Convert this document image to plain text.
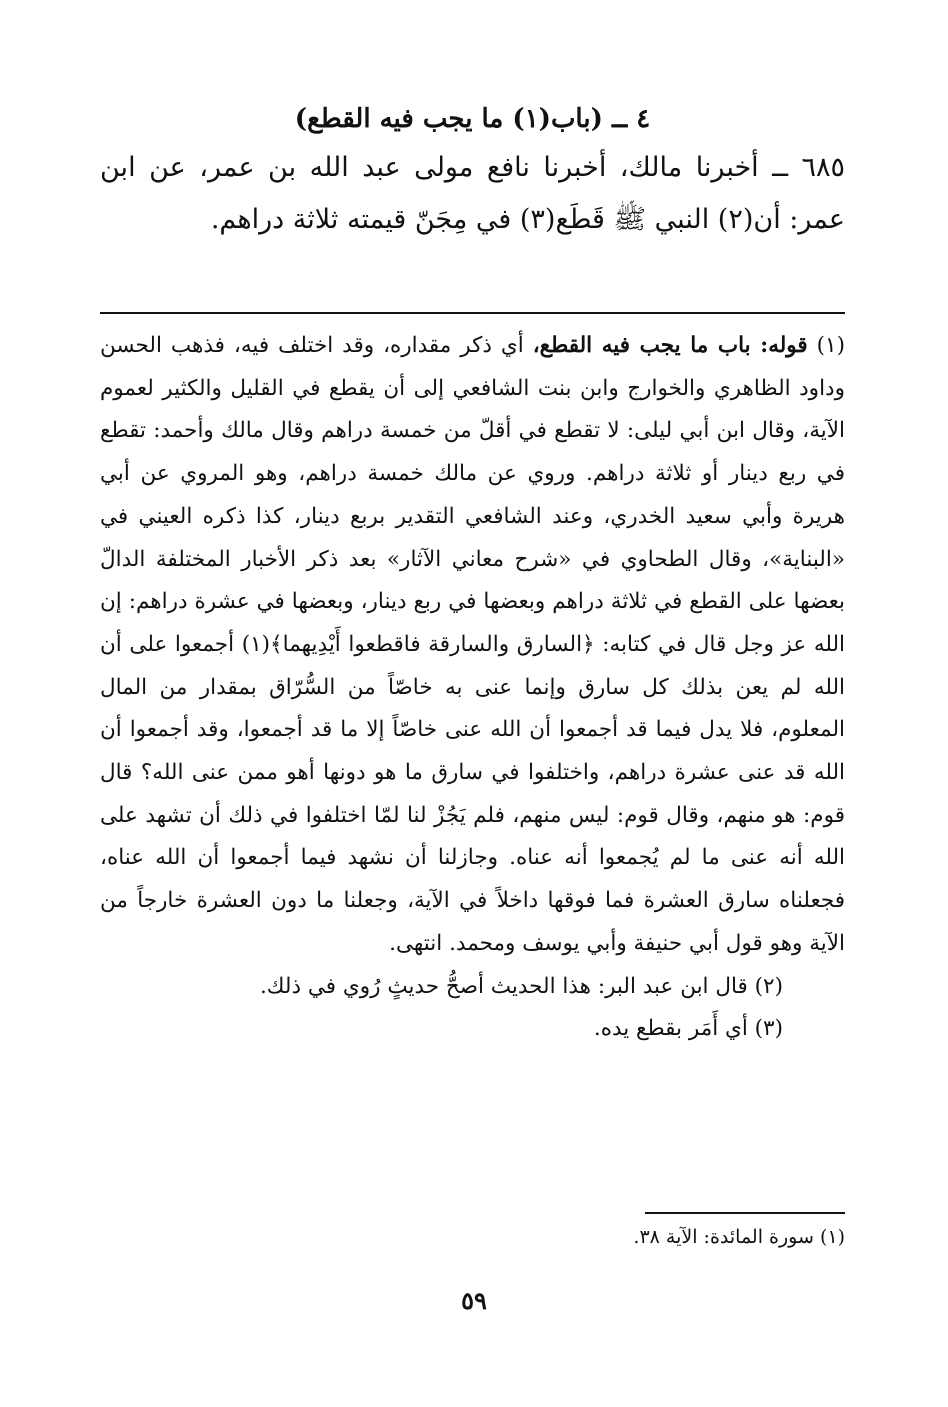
٤ ــ (باب(١) ما يجب فيه القطع)

٦٨٥ ــ أخبرنا مالك، أخبرنا نافع مولى عبد الله بن عمر، عن ابن عمر: أن(٢) النبي ﷺ قَطَع(٣) في مِجَنّ قيمته ثلاثة دراهم.

(١) قوله: باب ما يجب فيه القطع، أي ذكر مقداره، وقد اختلف فيه، فذهب الحسن وداود الظاهري والخوارج وابن بنت الشافعي إلى أن يقطع في القليل والكثير لعموم الآية، وقال ابن أبي ليلى: لا تقطع في أقلّ من خمسة دراهم وقال مالك وأحمد: تقطع في ربع دينار أو ثلاثة دراهم. وروي عن مالك خمسة دراهم، وهو المروي عن أبي هريرة وأبي سعيد الخدري، وعند الشافعي التقدير بربع دينار، كذا ذكره العيني في «البناية»، وقال الطحاوي في «شرح معاني الآثار» بعد ذكر الأخبار المختلفة الدالّ بعضها على القطع في ثلاثة دراهم وبعضها في ربع دينار، وبعضها في عشرة دراهم: إن الله عز وجل قال في كتابه: ﴿السارق والسارقة فاقطعوا أَيْدِيهما﴾(١) أجمعوا على أن الله لم يعن بذلك كل سارق وإنما عنى به خاصّاً من السُّرّاق بمقدار من المال المعلوم، فلا يدل فيما قد أجمعوا أن الله عنى خاصّاً إلا ما قد أجمعوا، وقد أجمعوا أن الله قد عنى عشرة دراهم، واختلفوا في سارق ما هو دونها أهو ممن عنى الله؟ قال قوم: هو منهم، وقال قوم: ليس منهم، فلم يَجُزْ لنا لمّا اختلفوا في ذلك أن تشهد على الله أنه عنى ما لم يُجمعوا أنه عناه. وجازلنا أن نشهد فيما أجمعوا أن الله عناه، فجعلناه سارق العشرة فما فوقها داخلاً في الآية، وجعلنا ما دون العشرة خارجاً من الآية وهو قول أبي حنيفة وأبي يوسف ومحمد. انتهى.

(٢) قال ابن عبد البر: هذا الحديث أصحُّ حديثٍ رُوي في ذلك.

(٣) أي أَمَر بقطع يده.

(١) سورة المائدة: الآية ٣٨.
٥٩
